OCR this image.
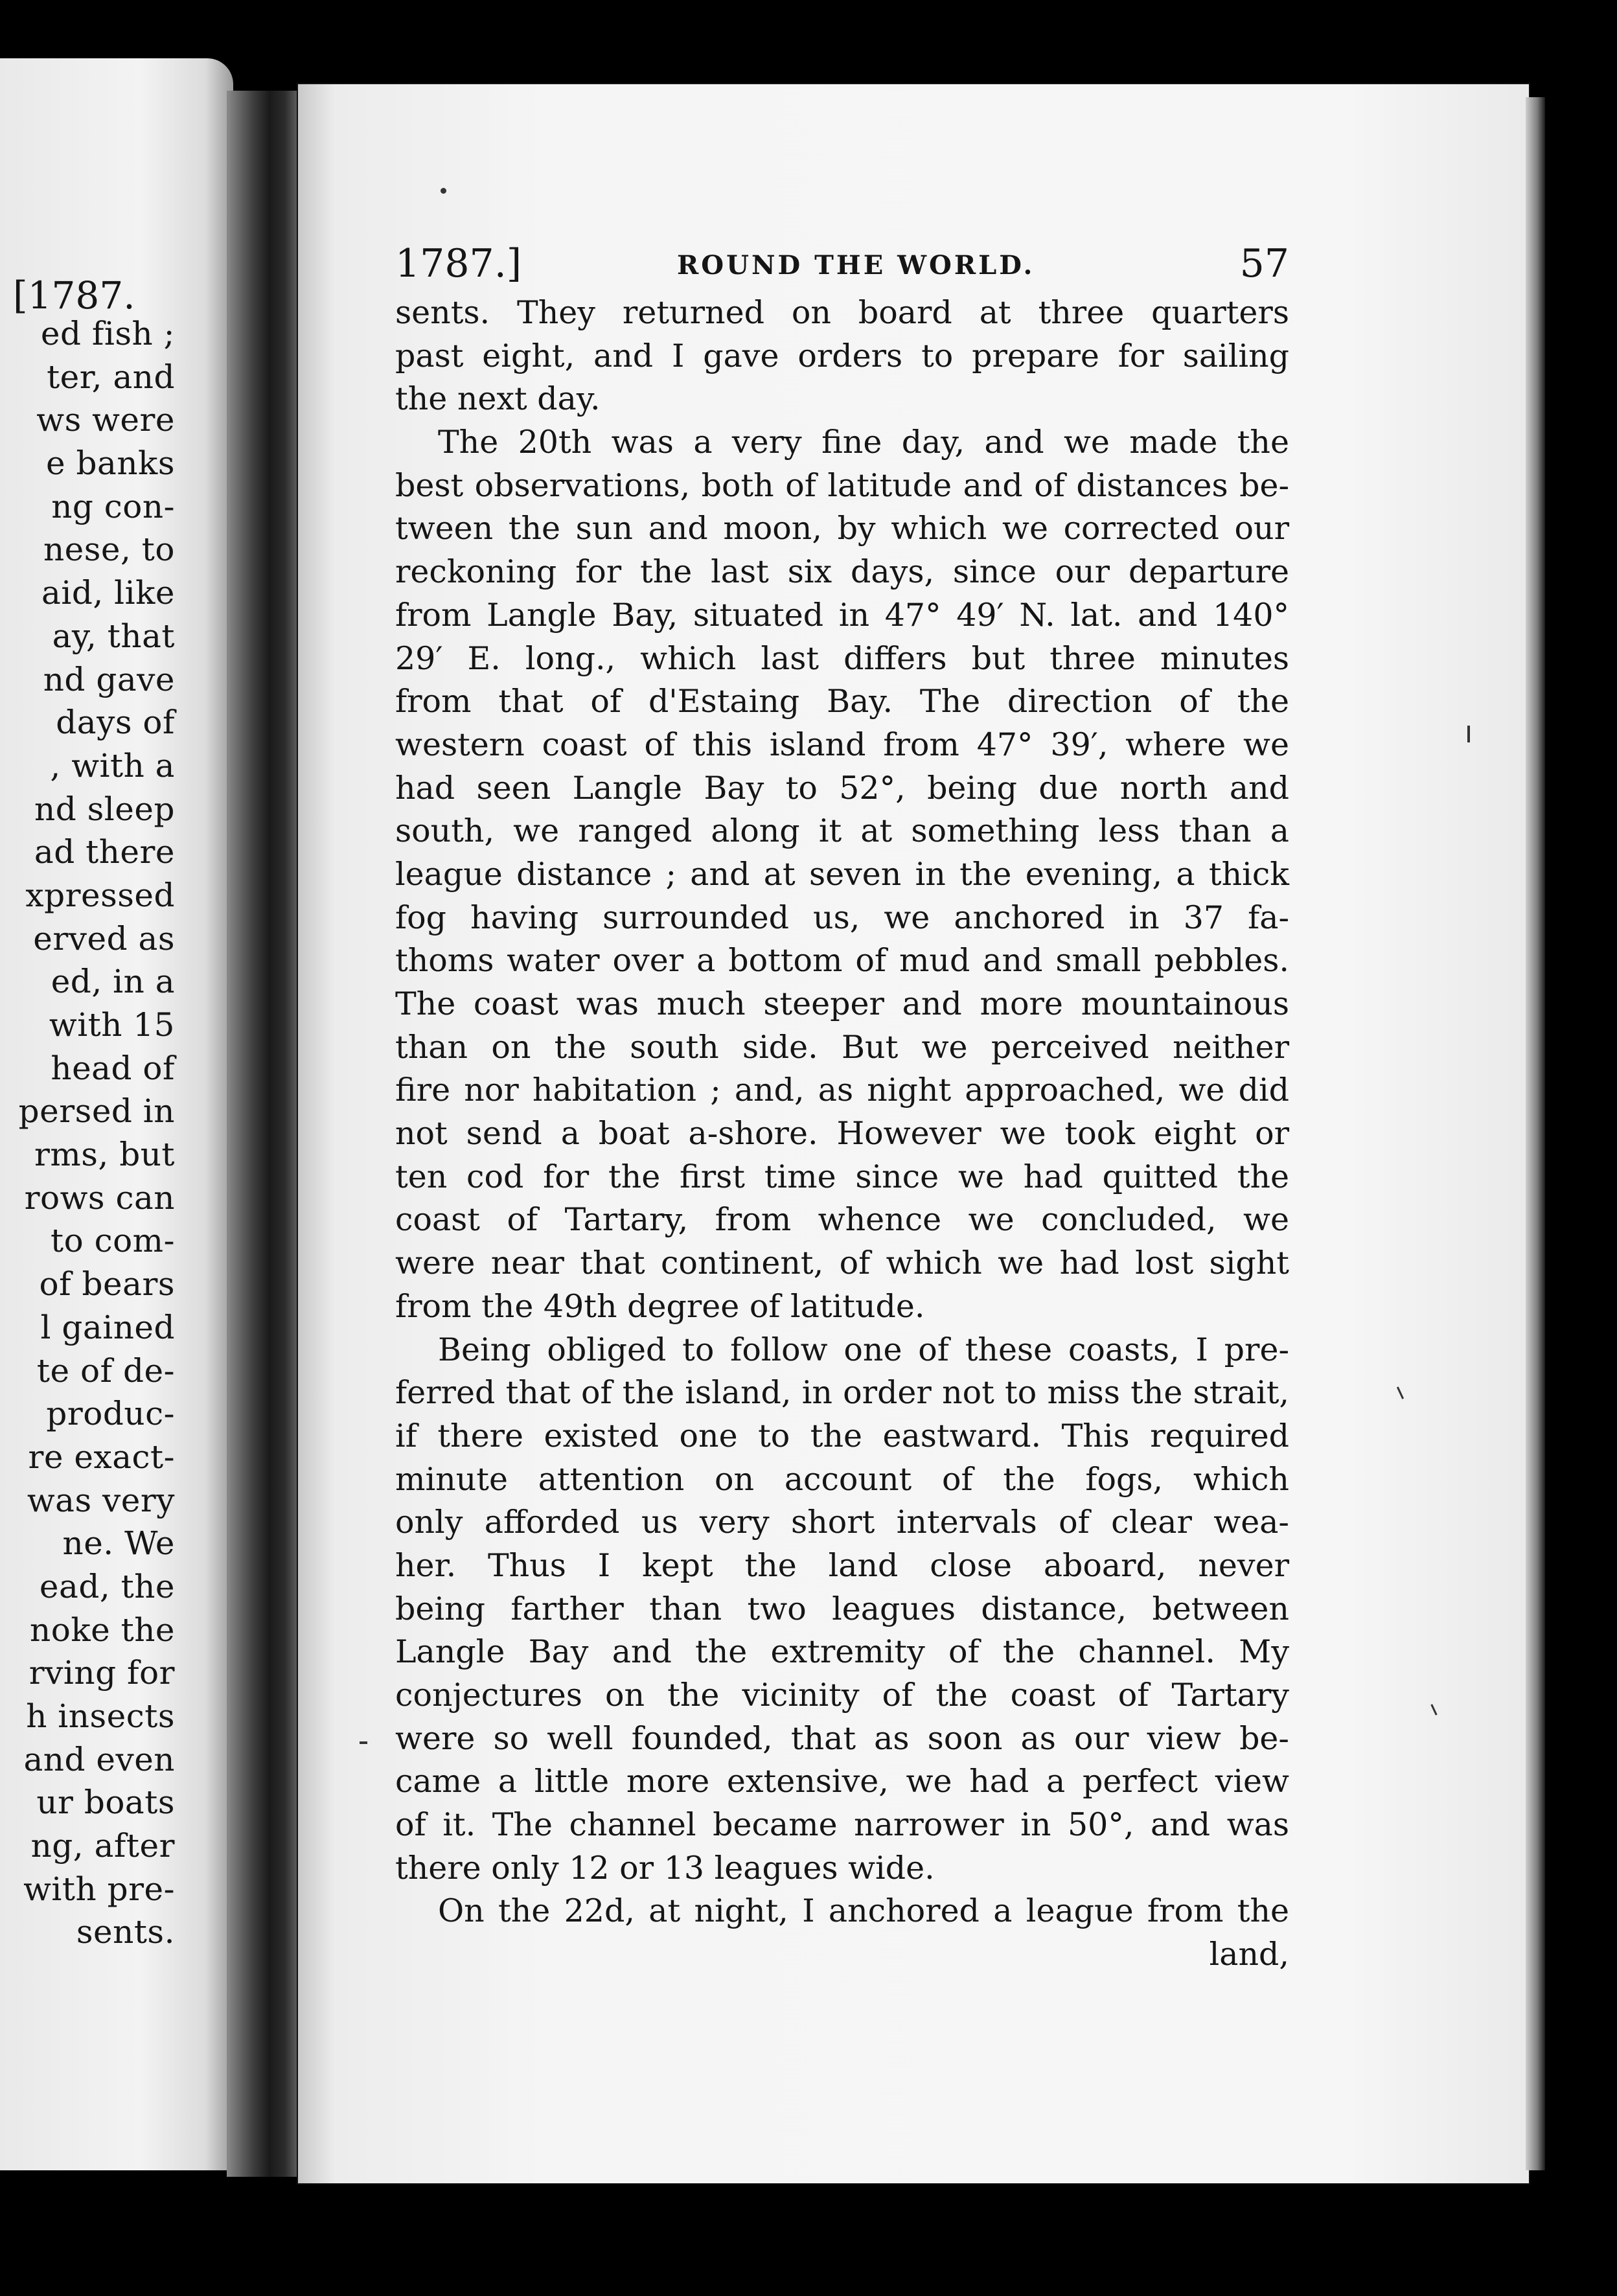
[1787.
ed fish ;
ter, and
ws were
e banks
ng con-
nese, to
aid, like
ay, that
nd gave
days of
, with a
nd sleep
ad there
xpressed
erved as
ed, in a
with 15
head of
persed in
rms, but
rows can
to com-
of bears
l gained
te of de-
produc-
re exact-
was very
ne. We
ead, the
noke the
rving for
h insects
and even
ur boats
ng, after
with pre-
sents.
1787.]	ROUND THE WORLD.	57
sents. They returned on board at three quarters
past eight, and I gave orders to prepare for sailing
the next day.
The 20th was a very fine day, and we made the
best observations, both of latitude and of distances be-
tween the sun and moon, by which we corrected our
reckoning for the last six days, since our departure
from Langle Bay, situated in 47° 49′ N. lat. and 140°
29′ E. long., which last differs but three minutes
from that of d'Estaing Bay. The direction of the
western coast of this island from 47° 39′, where we
had seen Langle Bay to 52°, being due north and
south, we ranged along it at something less than a
league distance ; and at seven in the evening, a thick
fog having surrounded us, we anchored in 37 fa-
thoms water over a bottom of mud and small pebbles.
The coast was much steeper and more mountainous
than on the south side. But we perceived neither
fire nor habitation ; and, as night approached, we did
not send a boat a-shore. However we took eight or
ten cod for the first time since we had quitted the
coast of Tartary, from whence we concluded, we
were near that continent, of which we had lost sight
from the 49th degree of latitude.
Being obliged to follow one of these coasts, I pre-
ferred that of the island, in order not to miss the strait,
if there existed one to the eastward. This required
minute attention on account of the fogs, which
only afforded us very short intervals of clear wea-
her. Thus I kept the land close aboard, never
being farther than two leagues distance, between
Langle Bay and the extremity of the channel. My
conjectures on the vicinity of the coast of Tartary
were so well founded, that as soon as our view be-
came a little more extensive, we had a perfect view
of it. The channel became narrower in 50°, and was
there only 12 or 13 leagues wide.
On the 22d, at night, I anchored a league from the
land,
